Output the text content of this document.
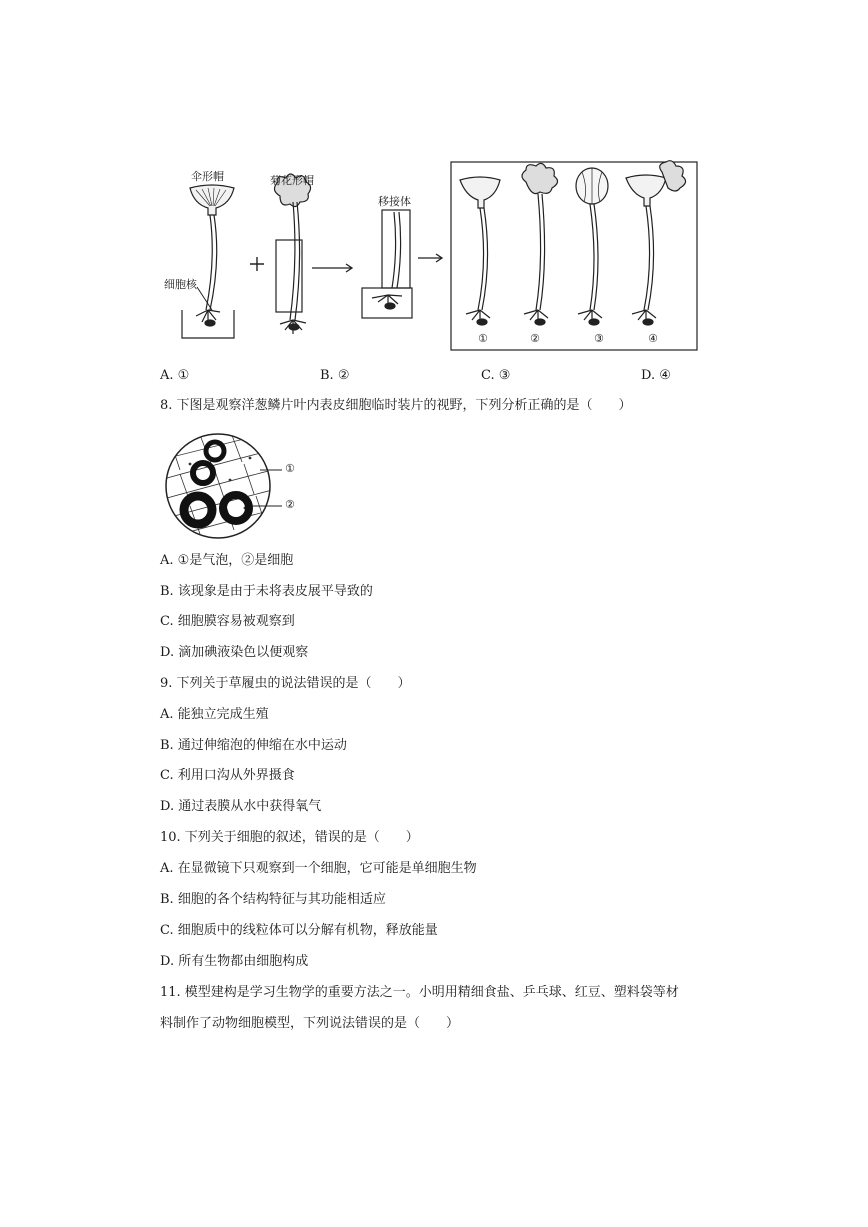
伞形帽	菊花形帽
移接体
细胞核
①	②	③	④
A. ①	B. ②	C. ③	D. ④
8. 下图是观察洋葱鳞片叶内表皮细胞临时装片的视野，下列分析正确的是（　　）
①
②
A. ①是气泡，②是细胞
B. 该现象是由于未将表皮展平导致的
C. 细胞膜容易被观察到
D. 滴加碘液染色以便观察
9. 下列关于草履虫的说法错误的是（　　）
A. 能独立完成生殖
B. 通过伸缩泡的伸缩在水中运动
C. 利用口沟从外界摄食
D. 通过表膜从水中获得氧气
10. 下列关于细胞的叙述，错误的是（　　）
A. 在显微镜下只观察到一个细胞，它可能是单细胞生物
B. 细胞的各个结构特征与其功能相适应
C. 细胞质中的线粒体可以分解有机物，释放能量
D. 所有生物都由细胞构成
11. 模型建构是学习生物学的重要方法之一。小明用精细食盐、乒乓球、红豆、塑料袋等材
料制作了动物细胞模型，下列说法错误的是（　　）
